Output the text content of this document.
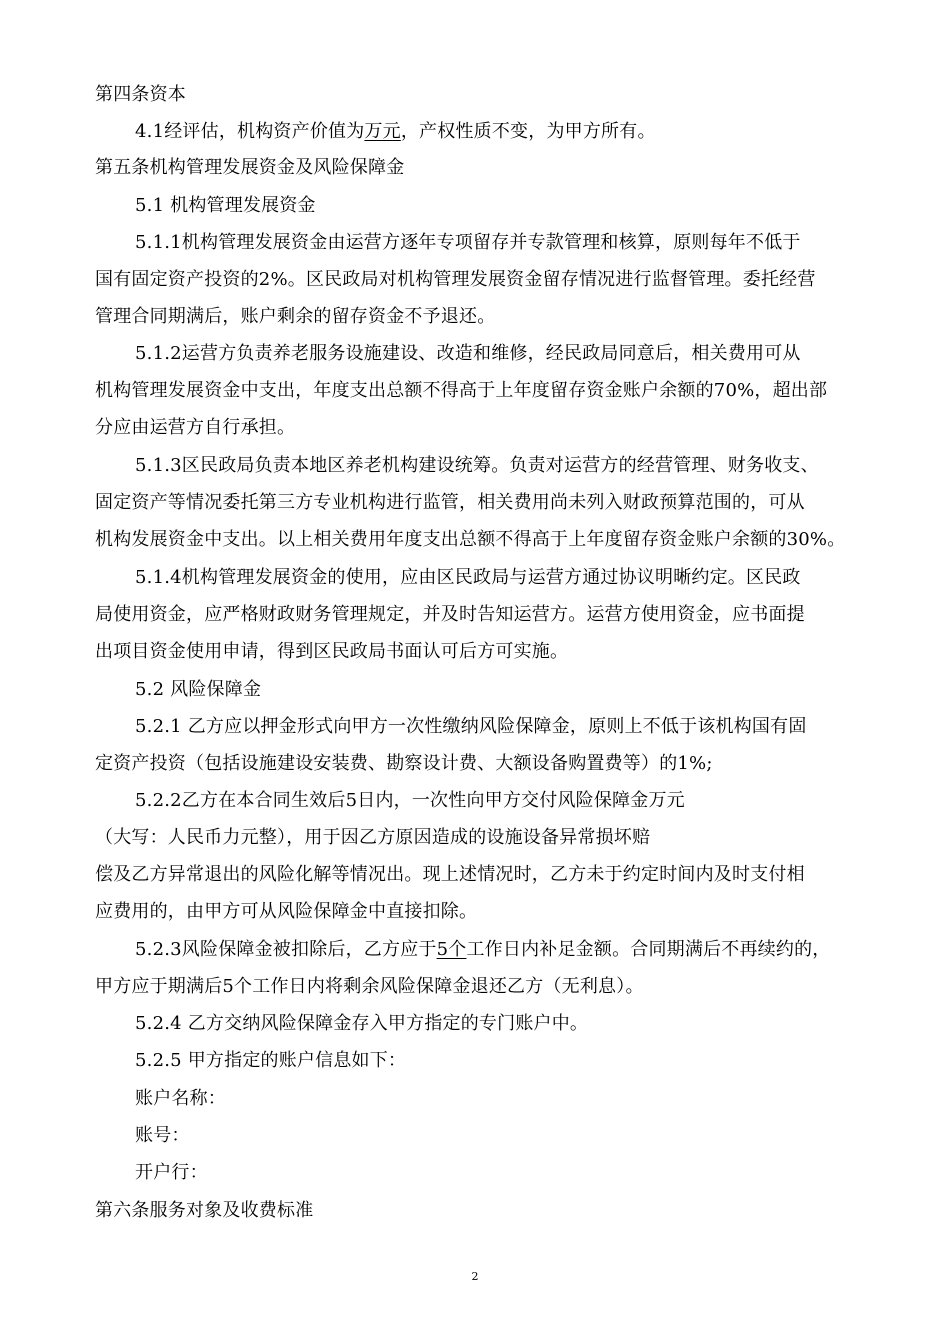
第四条资本
4.1经评估，机构资产价值为万元，产权性质不变，为甲方所有。
第五条机构管理发展资金及风险保障金
5.1 机构管理发展资金
5.1.1机构管理发展资金由运营方逐年专项留存并专款管理和核算，原则每年不低于
国有固定资产投资的2%。区民政局对机构管理发展资金留存情况进行监督管理。委托经营
管理合同期满后，账户剩余的留存资金不予退还。
5.1.2运营方负责养老服务设施建设、改造和维修，经民政局同意后，相关费用可从
机构管理发展资金中支出，年度支出总额不得高于上年度留存资金账户余额的70%，超出部
分应由运营方自行承担。
5.1.3区民政局负责本地区养老机构建设统筹。负责对运营方的经营管理、财务收支、
固定资产等情况委托第三方专业机构进行监管，相关费用尚未列入财政预算范围的，可从
机构发展资金中支出。以上相关费用年度支出总额不得高于上年度留存资金账户余额的30%。
5.1.4机构管理发展资金的使用，应由区民政局与运营方通过协议明晰约定。区民政
局使用资金，应严格财政财务管理规定，并及时告知运营方。运营方使用资金，应书面提
出项目资金使用申请，得到区民政局书面认可后方可实施。
5.2 风险保障金
5.2.1 乙方应以押金形式向甲方一次性缴纳风险保障金，原则上不低于该机构国有固
定资产投资（包括设施建设安装费、勘察设计费、大额设备购置费等）的1%;
5.2.2乙方在本合同生效后5日内，一次性向甲方交付风险保障金万元
（大写：人民币力元整），用于因乙方原因造成的设施设备异常损坏赔
偿及乙方异常退出的风险化解等情况出。现上述情况时，乙方未于约定时间内及时支付相
应费用的，由甲方可从风险保障金中直接扣除。
5.2.3风险保障金被扣除后，乙方应于5个工作日内补足金额。合同期满后不再续约的，
甲方应于期满后5个工作日内将剩余风险保障金退还乙方（无利息）。
5.2.4 乙方交纳风险保障金存入甲方指定的专门账户中。
5.2.5 甲方指定的账户信息如下：
账户名称：
账号：
开户行：
第六条服务对象及收费标准
2
